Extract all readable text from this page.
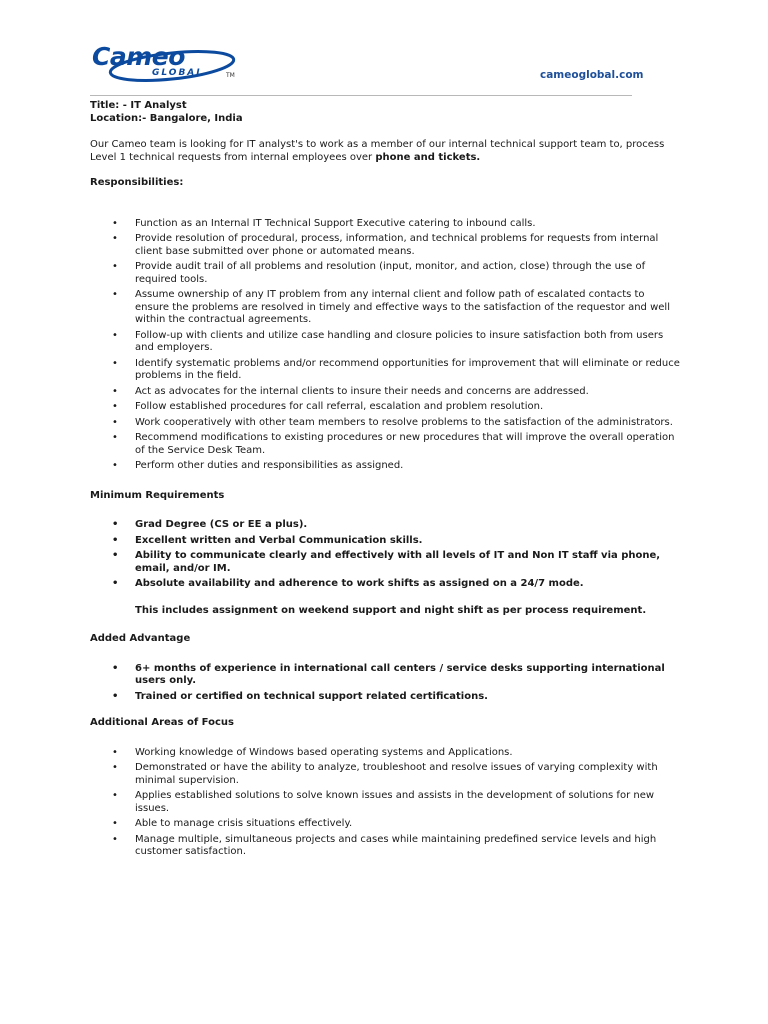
Cameo
GLOBAL	TM	cameoglobal.com
Title: - IT Analyst
Location:- Bangalore, India
Our Cameo team is looking for IT analyst's to work as a member of our internal technical support team to, process Level 1 technical requests from internal employees over phone and tickets.
Responsibilities:
• Function as an Internal IT Technical Support Executive catering to inbound calls.
• Provide resolution of procedural, process, information, and technical problems for requests from internal client base submitted over phone or automated means.
• Provide audit trail of all problems and resolution (input, monitor, and action, close) through the use of required tools.
• Assume ownership of any IT problem from any internal client and follow path of escalated contacts to ensure the problems are resolved in timely and effective ways to the satisfaction of the requestor and well within the contractual agreements.
• Follow-up with clients and utilize case handling and closure policies to insure satisfaction both from users and employers.
• Identify systematic problems and/or recommend opportunities for improvement that will eliminate or reduce problems in the field.
• Act as advocates for the internal clients to insure their needs and concerns are addressed.
• Follow established procedures for call referral, escalation and problem resolution.
• Work cooperatively with other team members to resolve problems to the satisfaction of the administrators.
• Recommend modifications to existing procedures or new procedures that will improve the overall operation of the Service Desk Team.
• Perform other duties and responsibilities as assigned.
Minimum Requirements
• Grad Degree (CS or EE a plus).
• Excellent written and Verbal Communication skills.
• Ability to communicate clearly and effectively with all levels of IT and Non IT staff via phone, email, and/or IM.
• Absolute availability and adherence to work shifts as assigned on a 24/7 mode.
This includes assignment on weekend support and night shift as per process requirement.
Added Advantage
• 6+ months of experience in international call centers / service desks supporting international users only.
• Trained or certified on technical support related certifications.
Additional Areas of Focus
• Working knowledge of Windows based operating systems and Applications.
• Demonstrated or have the ability to analyze, troubleshoot and resolve issues of varying complexity with minimal supervision.
• Applies established solutions to solve known issues and assists in the development of solutions for new issues.
• Able to manage crisis situations effectively.
• Manage multiple, simultaneous projects and cases while maintaining predefined service levels and high customer satisfaction.
